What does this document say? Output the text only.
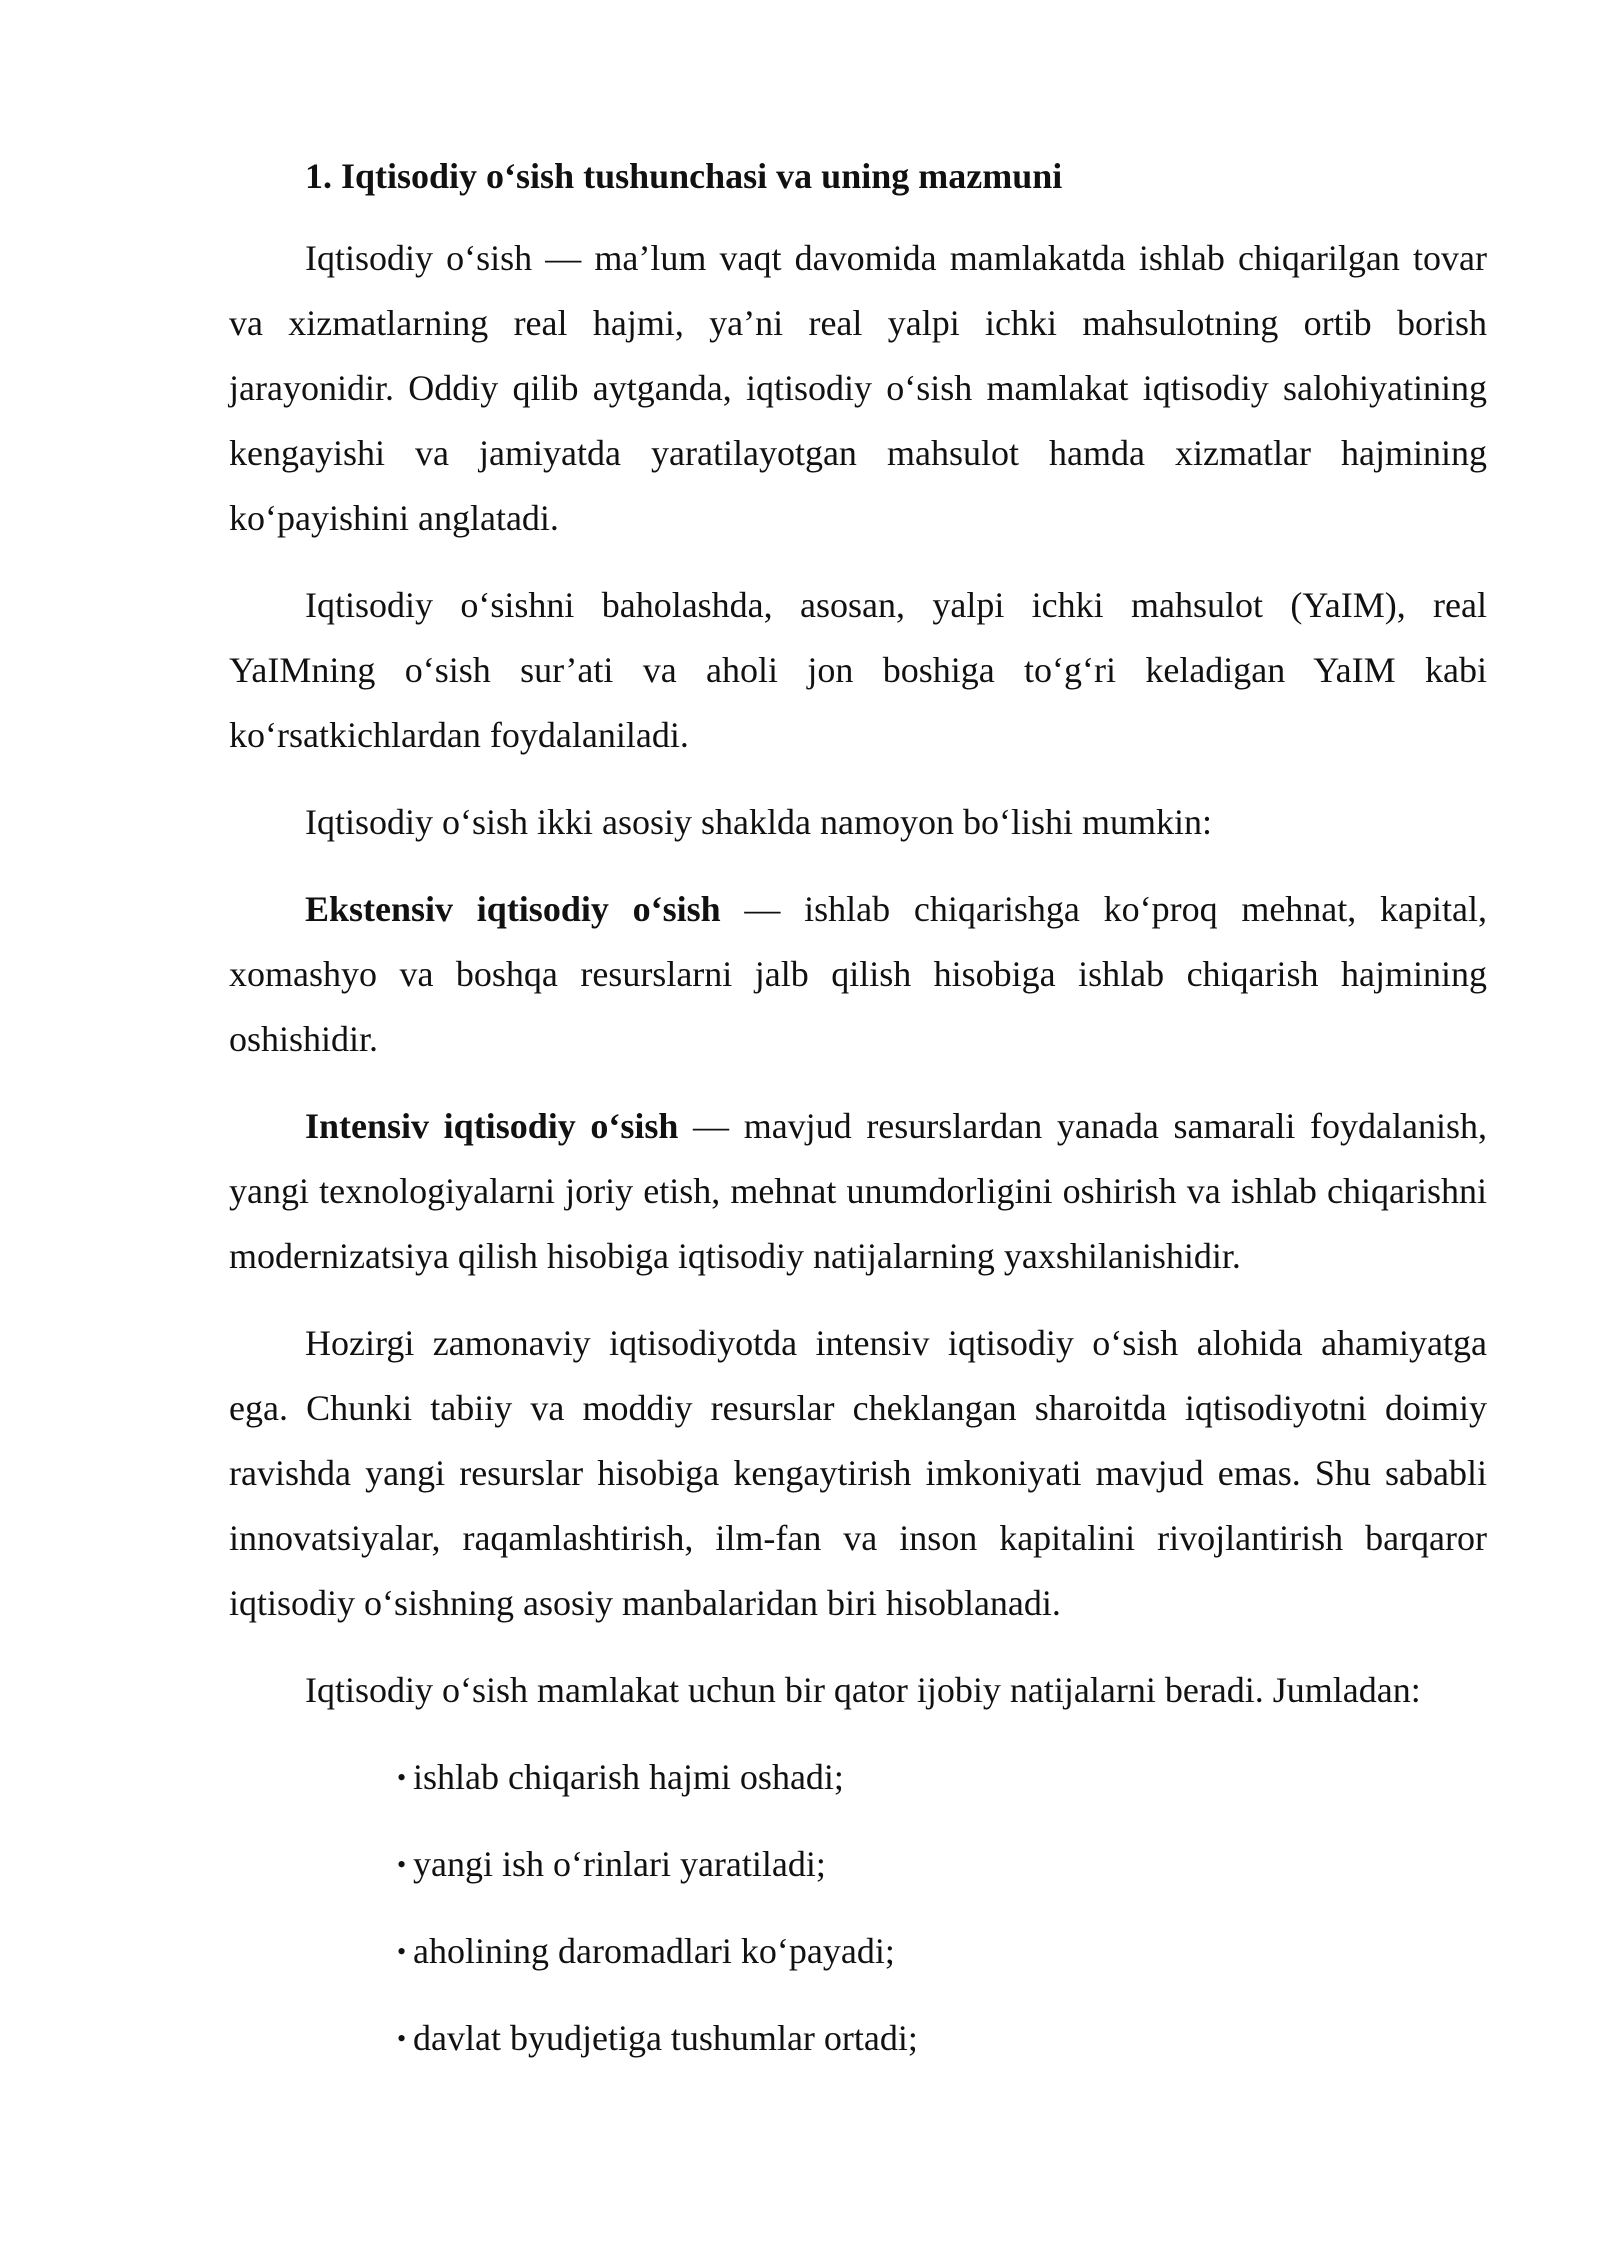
1. Iqtisodiy o‘sish tushunchasi va uning mazmuni

Iqtisodiy o‘sish — ma’lum vaqt davomida mamlakatda ishlab chiqarilgan tovar va xizmatlarning real hajmi, ya’ni real yalpi ichki mahsulotning ortib borish jarayonidir. Oddiy qilib aytganda, iqtisodiy o‘sish mamlakat iqtisodiy salohiyatining kengayishi va jamiyatda yaratilayotgan mahsulot hamda xizmatlar hajmining ko‘payishini anglatadi.

Iqtisodiy o‘sishni baholashda, asosan, yalpi ichki mahsulot (YaIM), real YaIMning o‘sish sur’ati va aholi jon boshiga to‘g‘ri keladigan YaIM kabi ko‘rsatkichlardan foydalaniladi.

Iqtisodiy o‘sish ikki asosiy shaklda namoyon bo‘lishi mumkin:

Ekstensiv iqtisodiy o‘sish — ishlab chiqarishga ko‘proq mehnat, kapital, xomashyo va boshqa resurslarni jalb qilish hisobiga ishlab chiqarish hajmining oshishidir.

Intensiv iqtisodiy o‘sish — mavjud resurslardan yanada samarali foydalanish, yangi texnologiyalarni joriy etish, mehnat unumdorligini oshirish va ishlab chiqarishni modernizatsiya qilish hisobiga iqtisodiy natijalarning yaxshilanishidir.

Hozirgi zamonaviy iqtisodiyotda intensiv iqtisodiy o‘sish alohida ahamiyatga ega. Chunki tabiiy va moddiy resurslar cheklangan sharoitda iqtisodiyotni doimiy ravishda yangi resurslar hisobiga kengaytirish imkoniyati mavjud emas. Shu sababli innovatsiyalar, raqamlashtirish, ilm-fan va inson kapitalini rivojlantirish barqaror iqtisodiy o‘sishning asosiy manbalaridan biri hisoblanadi.

Iqtisodiy o‘sish mamlakat uchun bir qator ijobiy natijalarni beradi. Jumladan:

• ishlab chiqarish hajmi oshadi;
• yangi ish o‘rinlari yaratiladi;
• aholining daromadlari ko‘payadi;
• davlat byudjetiga tushumlar ortadi;
